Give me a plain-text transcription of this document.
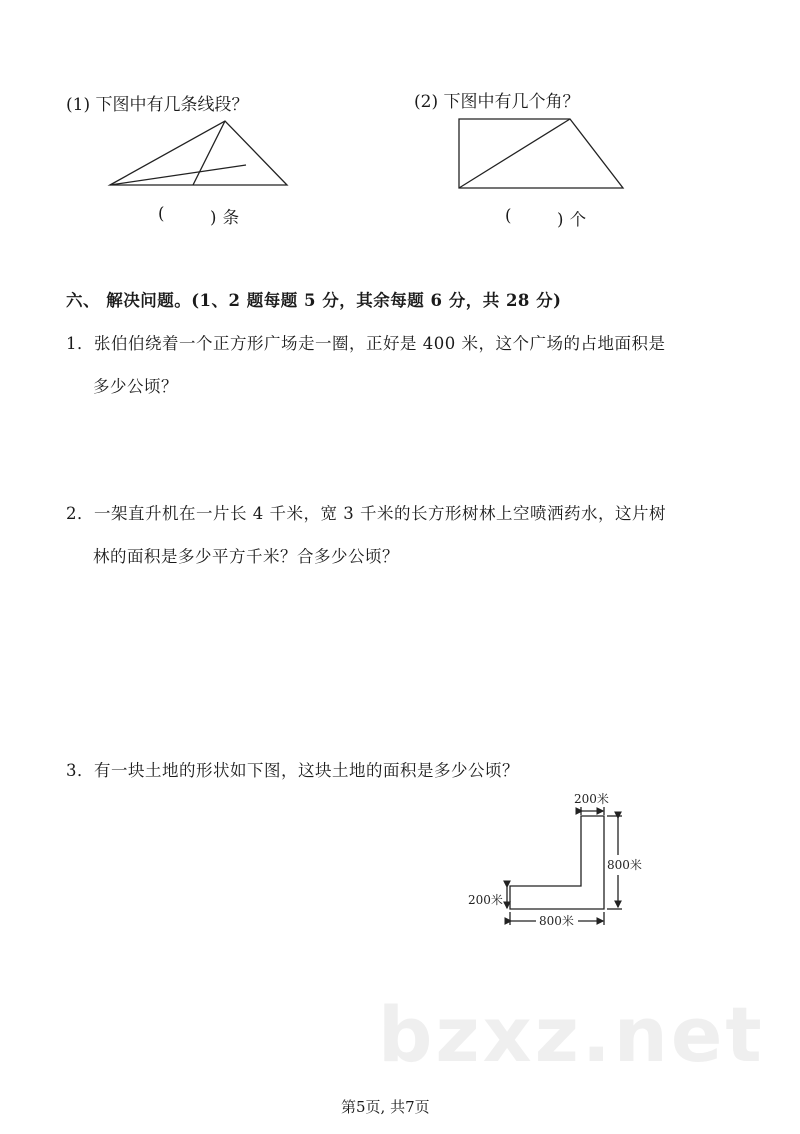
(1) 下图中有几条线段？
(	) 条
(2) 下图中有几个角？
(	) 个
六、 解决问题。(1、2 题每题 5 分，其余每题 6 分，共 28 分)
1．张伯伯绕着一个正方形广场走一圈，正好是 400 米，这个广场的占地面积是
多少公顷？
2．一架直升机在一片长 4 千米，宽 3 千米的长方形树林上空喷洒药水，这片树
林的面积是多少平方千米？合多少公顷？
3．有一块土地的形状如下图，这块土地的面积是多少公顷？
200米
800米
200米
800米
bzxz.net
第5页, 共7页
